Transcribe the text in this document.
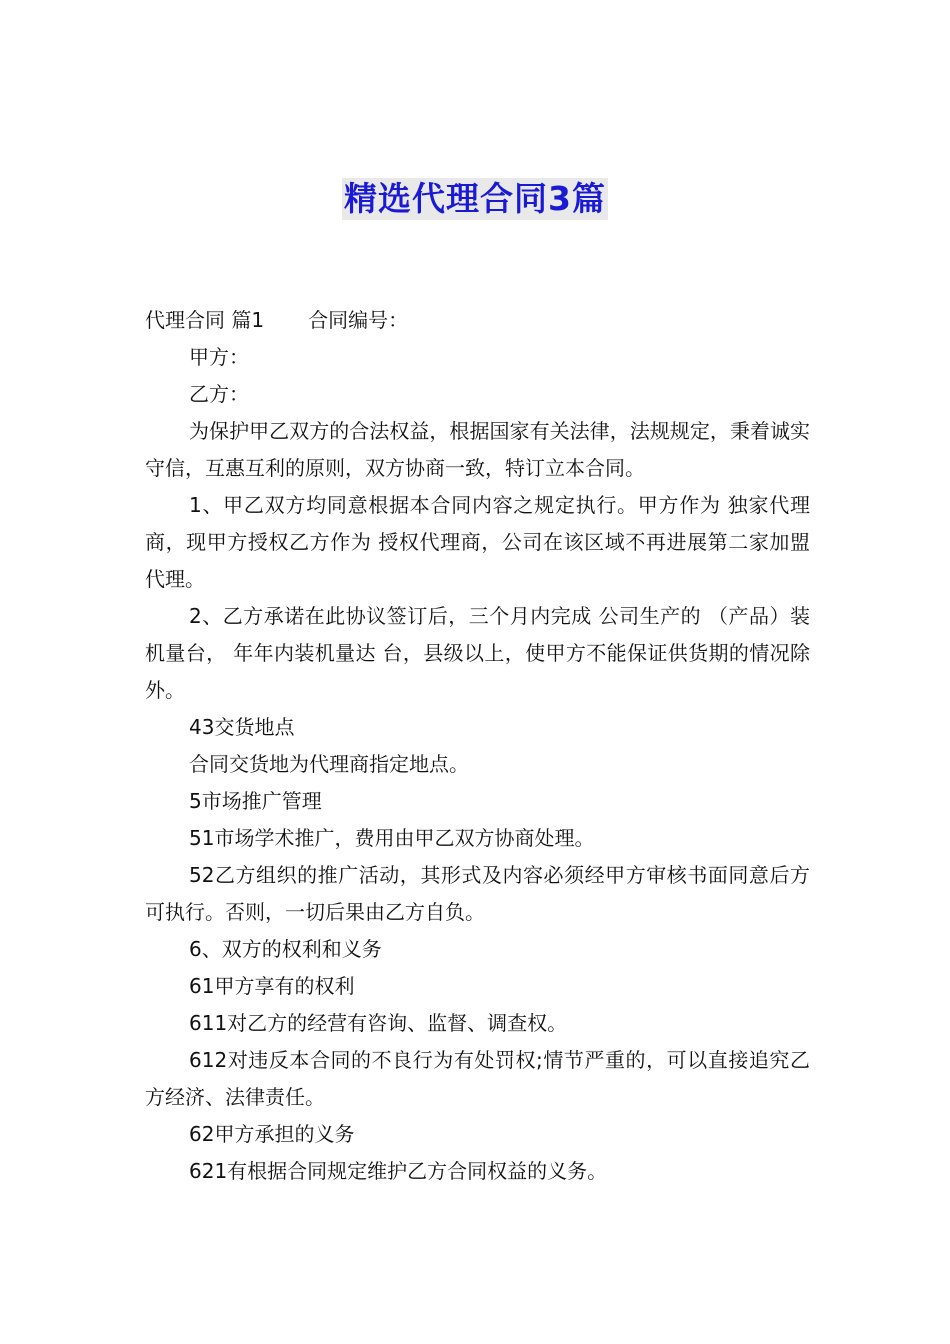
精选代理合同3篇

代理合同 篇1 合同编号：

甲方：

乙方：

为保护甲乙双方的合法权益，根据国家有关法律，法规规定，秉着诚实守信，互惠互利的原则，双方协商一致，特订立本合同。

1、甲乙双方均同意根据本合同内容之规定执行。甲方作为 独家代理商，现甲方授权乙方作为 授权代理商，公司在该区域不再进展第二家加盟代理。

2、乙方承诺在此协议签订后，三个月内完成 公司生产的 （产品）装机量台， 年年内装机量达 台，县级以上，使甲方不能保证供货期的情况除外。

43交货地点

合同交货地为代理商指定地点。

5市场推广管理

51市场学术推广，费用由甲乙双方协商处理。

52乙方组织的推广活动，其形式及内容必须经甲方审核书面同意后方可执行。否则，一切后果由乙方自负。

6、双方的权利和义务

61甲方享有的权利

611对乙方的经营有咨询、监督、调查权。

612对违反本合同的不良行为有处罚权;情节严重的，可以直接追究乙方经济、法律责任。

62甲方承担的义务

621有根据合同规定维护乙方合同权益的义务。
